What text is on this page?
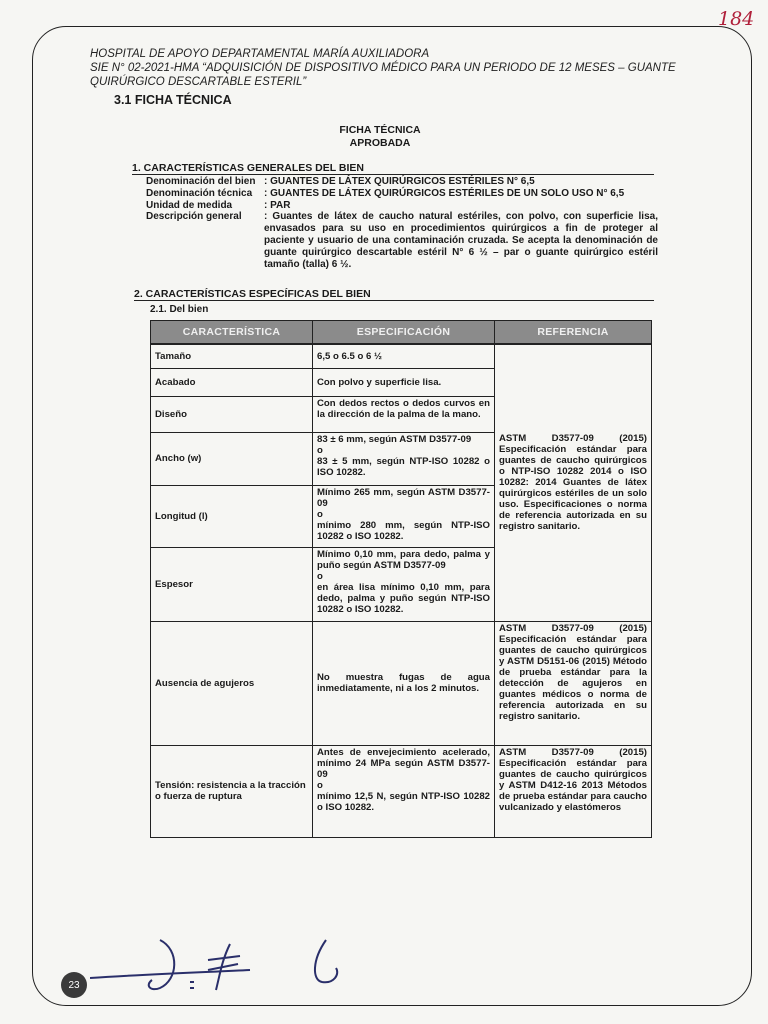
184
HOSPITAL DE APOYO DEPARTAMENTAL MARÍA AUXILIADORA
SIE N° 02-2021-HMA “ADQUISICIÓN DE DISPOSITIVO MÉDICO PARA UN PERIODO DE 12 MESES – GUANTE QUIRÚRGICO DESCARTABLE ESTERIL”
3.1 FICHA TÉCNICA
FICHA TÉCNICA
APROBADA
1. CARACTERÍSTICAS GENERALES DEL BIEN
Denominación del bien : GUANTES DE LÁTEX QUIRÚRGICOS ESTÉRILES N° 6,5
Denominación técnica	: GUANTES DE LÁTEX QUIRÚRGICOS ESTÉRILES DE UN SOLO USO N° 6,5
Unidad de medida	: PAR
Descripción general	: Guantes de látex de caucho natural estériles, con polvo, con superficie lisa, envasados para su uso en procedimientos quirúrgicos a fin de proteger al paciente y usuario de una contaminación cruzada. Se acepta la denominación de guante quirúrgico descartable estéril N° 6 ½ – par o guante quirúrgico estéril tamaño (talla) 6 ½.
2. CARACTERÍSTICAS ESPECÍFICAS DEL BIEN
2.1. Del bien
CARACTERÍSTICA	ESPECIFICACIÓN	REFERENCIA
Tamaño	6,5 o 6.5 o 6 ½	ASTM D3577-09 (2015) Especificación estándar para guantes de caucho quirúrgicos o NTP-ISO 10282 2014 o ISO 10282: 2014 Guantes de látex quirúrgicos estériles de un solo uso. Especificaciones o norma de referencia autorizada en su registro sanitario.
Acabado	Con polvo y superficie lisa.	
Diseño	Con dedos rectos o dedos curvos en la dirección de la palma de la mano.	
Ancho (w)	83 ± 6 mm, según ASTM D3577-09
o
83 ± 5 mm, según NTP-ISO 10282 o ISO 10282.	
Longitud (l)	Mínimo 265 mm, según ASTM D3577-09
o
mínimo 280 mm, según NTP-ISO 10282 o ISO 10282.	
Espesor	Mínimo 0,10 mm, para dedo, palma y puño según ASTM D3577-09
o
en área lisa mínimo 0,10 mm, para dedo, palma y puño según NTP-ISO 10282 o ISO 10282.	
Ausencia de agujeros	No muestra fugas de agua inmediatamente, ni a los 2 minutos.	ASTM D3577-09 (2015) Especificación estándar para guantes de caucho quirúrgicos y ASTM D5151-06 (2015) Método de prueba estándar para la detección de agujeros en guantes médicos o norma de referencia autorizada en su registro sanitario.
Tensión: resistencia a la tracción o fuerza de ruptura	Antes de envejecimiento acelerado, mínimo 24 MPa según ASTM D3577-09
o
mínimo 12,5 N, según NTP-ISO 10282 o ISO 10282.	ASTM D3577-09 (2015) Especificación estándar para guantes de caucho quirúrgicos y ASTM D412-16 2013 Métodos de prueba estándar para caucho vulcanizado y elastómeros
23
